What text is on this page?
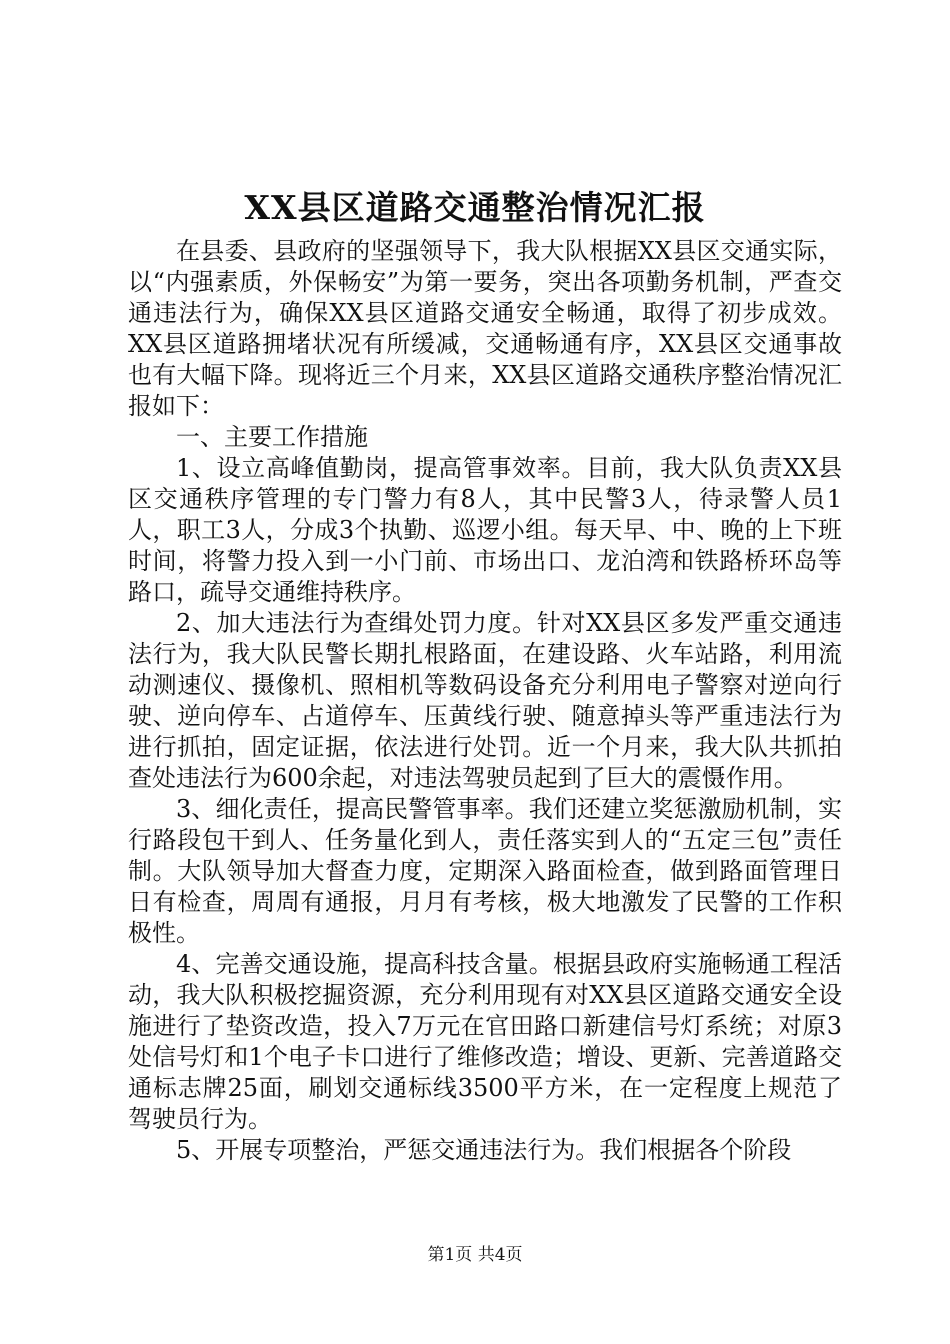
XX县区道路交通整治情况汇报

在县委、县政府的坚强领导下，我大队根据XX县区交通实际，以“内强素质，外保畅安”为第一要务，突出各项勤务机制，严查交通违法行为，确保XX县区道路交通安全畅通，取得了初步成效。XX县区道路拥堵状况有所缓减，交通畅通有序，XX县区交通事故也有大幅下降。现将近三个月来，XX县区道路交通秩序整治情况汇报如下：

一、主要工作措施

1、设立高峰值勤岗，提高管事效率。目前，我大队负责XX县区交通秩序管理的专门警力有8人，其中民警3人，待录警人员1人，职工3人，分成3个执勤、巡逻小组。每天早、中、晚的上下班时间，将警力投入到一小门前、市场出口、龙泊湾和铁路桥环岛等路口，疏导交通维持秩序。

2、加大违法行为查缉处罚力度。针对XX县区多发严重交通违法行为，我大队民警长期扎根路面，在建设路、火车站路，利用流动测速仪、摄像机、照相机等数码设备充分利用电子警察对逆向行驶、逆向停车、占道停车、压黄线行驶、随意掉头等严重违法行为进行抓拍，固定证据，依法进行处罚。近一个月来，我大队共抓拍查处违法行为600余起，对违法驾驶员起到了巨大的震慑作用。

3、细化责任，提高民警管事率。我们还建立奖惩激励机制，实行路段包干到人、任务量化到人，责任落实到人的“五定三包”责任制。大队领导加大督查力度，定期深入路面检查，做到路面管理日日有检查，周周有通报，月月有考核，极大地激发了民警的工作积极性。

4、完善交通设施，提高科技含量。根据县政府实施畅通工程活动，我大队积极挖掘资源，充分利用现有对XX县区道路交通安全设施进行了垫资改造，投入7万元在官田路口新建信号灯系统；对原3处信号灯和1个电子卡口进行了维修改造；增设、更新、完善道路交通标志牌25面，刷划交通标线3500平方米，在一定程度上规范了驾驶员行为。

5、开展专项整治，严惩交通违法行为。我们根据各个阶段

第1页 共4页
